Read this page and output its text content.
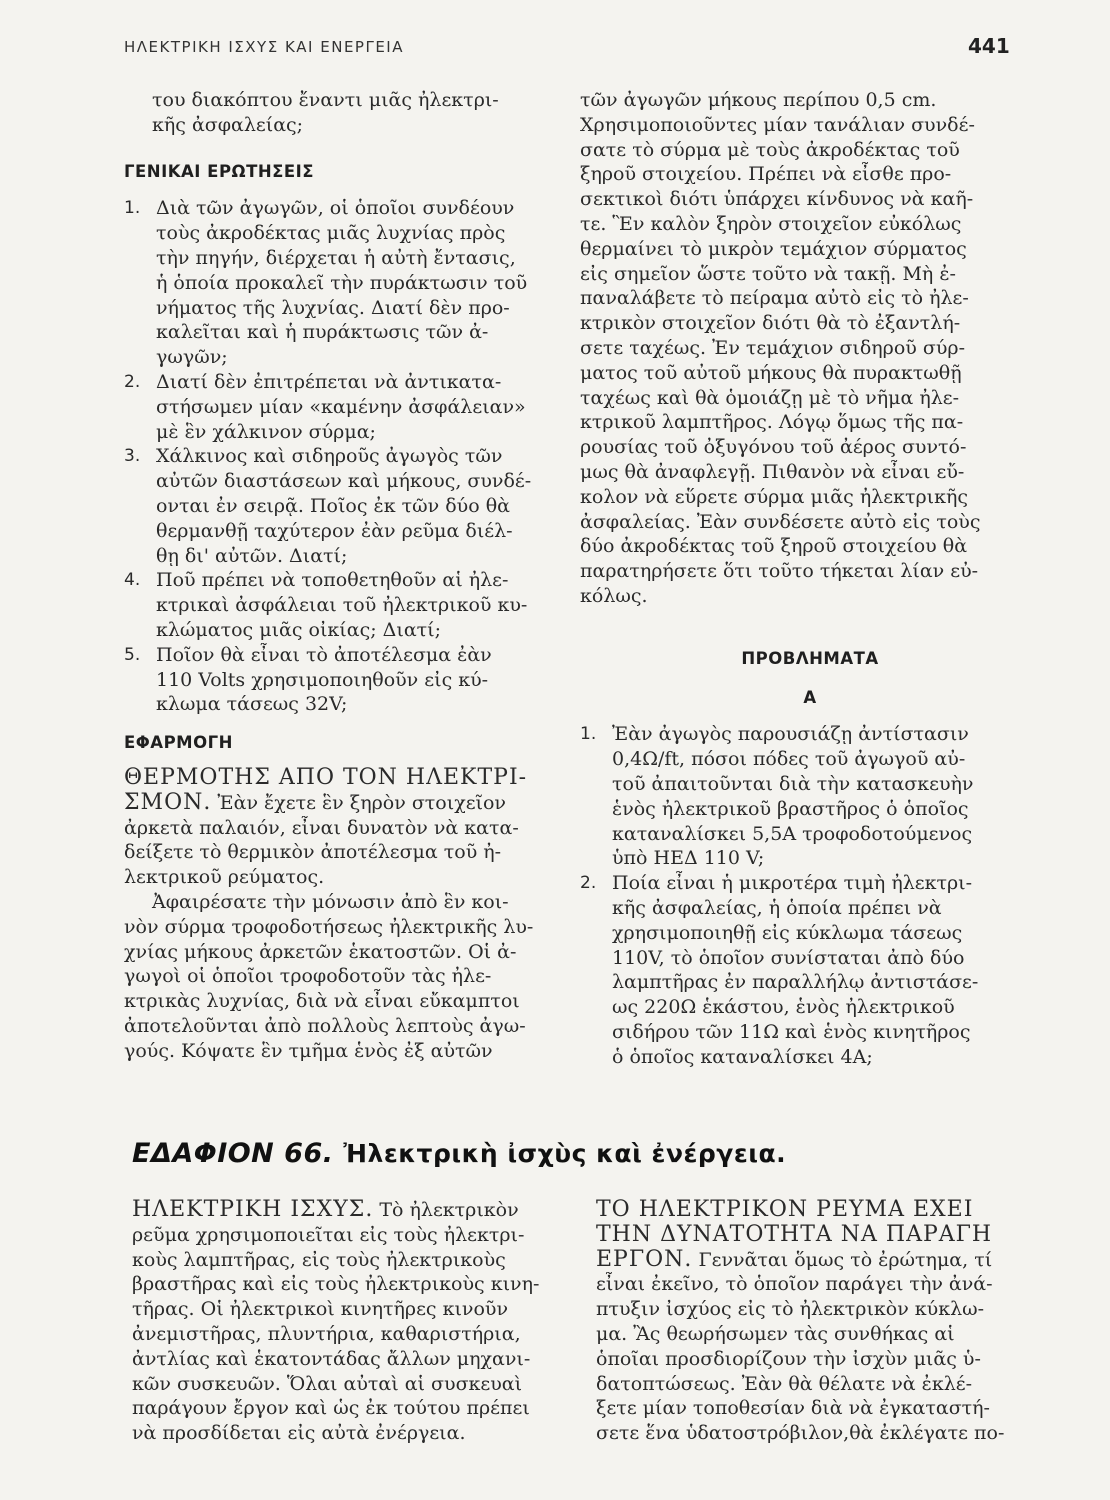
ΗΛΕΚΤΡΙΚΗ ΙΣΧΥΣ ΚΑΙ ΕΝΕΡΓΕΙΑ	441
του διακόπτου ἔναντι μιᾶς ἠλεκτρι-
κῆς ἀσφαλείας;
ΓΕΝΙΚΑΙ ΕΡΩΤΗΣΕΙΣ
1. Διὰ τῶν ἀγωγῶν, οἱ ὁποῖοι συνδέουν
τοὺς ἀκροδέκτας μιᾶς λυχνίας πρὸς
τὴν πηγήν, διέρχεται ἡ αὐτὴ ἔντασις,
ἡ ὁποία προκαλεῖ τὴν πυράκτωσιν τοῦ
νήματος τῆς λυχνίας. Διατί δὲν προ-
καλεῖται καὶ ἡ πυράκτωσις τῶν ἀ-
γωγῶν;
2. Διατί δὲν ἐπιτρέπεται νὰ ἀντικατα-
στήσωμεν μίαν «καμένην ἀσφάλειαν»
μὲ ἓν χάλκινον σύρμα;
3. Χάλκινος καὶ σιδηροῦς ἀγωγὸς τῶν
αὐτῶν διαστάσεων καὶ μήκους, συνδέ-
ονται ἐν σειρᾷ. Ποῖος ἐκ τῶν δύο θὰ
θερμανθῇ ταχύτερον ἐὰν ρεῦμα διέλ-
θῃ δι' αὐτῶν. Διατί;
4. Ποῦ πρέπει νὰ τοποθετηθοῦν αἱ ἠλε-
κτρικαὶ ἀσφάλειαι τοῦ ἠλεκτρικοῦ κυ-
κλώματος μιᾶς οἰκίας; Διατί;
5. Ποῖον θὰ εἶναι τὸ ἀποτέλεσμα ἐὰν
110 Volts χρησιμοποιηθοῦν εἰς κύ-
κλωμα τάσεως 32V;
ΕΦΑΡΜΟΓΗ
ΘΕΡΜΟΤΗΣ ΑΠΟ ΤΟΝ ΗΛΕΚΤΡΙ-
ΣΜΟΝ. Ἐὰν ἔχετε ἓν ξηρὸν στοιχεῖον
ἀρκετὰ παλαιόν, εἶναι δυνατὸν νὰ κατα-
δείξετε τὸ θερμικὸν ἀποτέλεσμα τοῦ ἠ-
λεκτρικοῦ ρεύματος.
Ἀφαιρέσατε τὴν μόνωσιν ἀπὸ ἓν κοι-
νὸν σύρμα τροφοδοτήσεως ἠλεκτρικῆς λυ-
χνίας μήκους ἀρκετῶν ἑκατοστῶν. Οἱ ἀ-
γωγοὶ οἱ ὁποῖοι τροφοδοτοῦν τὰς ἠλε-
κτρικὰς λυχνίας, διὰ νὰ εἶναι εὔκαμπτοι
ἀποτελοῦνται ἀπὸ πολλοὺς λεπτοὺς ἀγω-
γούς. Κόψατε ἓν τμῆμα ἑνὸς ἐξ αὐτῶν
τῶν ἀγωγῶν μήκους περίπου 0,5 cm.
Χρησιμοποιοῦντες μίαν τανάλιαν συνδέ-
σατε τὸ σύρμα μὲ τοὺς ἀκροδέκτας τοῦ
ξηροῦ στοιχείου. Πρέπει νὰ εἶσθε προ-
σεκτικοὶ διότι ὑπάρχει κίνδυνος νὰ καῆ-
τε. Ἓν καλὸν ξηρὸν στοιχεῖον εὐκόλως
θερμαίνει τὸ μικρὸν τεμάχιον σύρματος
εἰς σημεῖον ὥστε τοῦτο νὰ τακῇ. Μὴ ἐ-
παναλάβετε τὸ πείραμα αὐτὸ εἰς τὸ ἠλε-
κτρικὸν στοιχεῖον διότι θὰ τὸ ἐξαντλή-
σετε ταχέως. Ἐν τεμάχιον σιδηροῦ σύρ-
ματος τοῦ αὐτοῦ μήκους θὰ πυρακτωθῇ
ταχέως καὶ θὰ ὁμοιάζῃ μὲ τὸ νῆμα ἠλε-
κτρικοῦ λαμπτῆρος. Λόγῳ ὅμως τῆς πα-
ρουσίας τοῦ ὀξυγόνου τοῦ ἀέρος συντό-
μως θὰ ἀναφλεγῇ. Πιθανὸν νὰ εἶναι εὔ-
κολον νὰ εὕρετε σύρμα μιᾶς ἠλεκτρικῆς
ἀσφαλείας. Ἐὰν συνδέσετε αὐτὸ εἰς τοὺς
δύο ἀκροδέκτας τοῦ ξηροῦ στοιχείου θὰ
παρατηρήσετε ὅτι τοῦτο τήκεται λίαν εὐ-
κόλως.
ΠΡΟΒΛΗΜΑΤΑ
Α
1. Ἐὰν ἀγωγὸς παρουσιάζῃ ἀντίστασιν
0,4Ω/ft, πόσοι πόδες τοῦ ἀγωγοῦ αὐ-
τοῦ ἀπαιτοῦνται διὰ τὴν κατασκευὴν
ἑνὸς ἠλεκτρικοῦ βραστῆρος ὁ ὁποῖος
καταναλίσκει 5,5Α τροφοδοτούμενος
ὑπὸ ΗΕΔ 110 V;
2. Ποία εἶναι ἡ μικροτέρα τιμὴ ἠλεκτρι-
κῆς ἀσφαλείας, ἡ ὁποία πρέπει νὰ
χρησιμοποιηθῇ εἰς κύκλωμα τάσεως
110V, τὸ ὁποῖον συνίσταται ἀπὸ δύο
λαμπτῆρας ἐν παραλλήλῳ ἀντιστάσε-
ως 220Ω ἑκάστου, ἑνὸς ἠλεκτρικοῦ
σιδήρου τῶν 11Ω καὶ ἑνὸς κινητῆρος
ὁ ὁποῖος καταναλίσκει 4Α;
ΕΔΑΦΙΟΝ 66. Ἠλεκτρικὴ ἰσχὺς καὶ ἐνέργεια.
ΗΛΕΚΤΡΙΚΗ ΙΣΧΥΣ. Τὸ ἠλεκτρικὸν
ρεῦμα χρησιμοποιεῖται εἰς τοὺς ἠλεκτρι-
κοὺς λαμπτῆρας, εἰς τοὺς ἠλεκτρικοὺς
βραστῆρας καὶ εἰς τοὺς ἠλεκτρικοὺς κινη-
τῆρας. Οἱ ἠλεκτρικοὶ κινητῆρες κινοῦν
ἀνεμιστῆρας, πλυντήρια, καθαριστήρια,
ἀντλίας καὶ ἑκατοντάδας ἄλλων μηχανι-
κῶν συσκευῶν. Ὅλαι αὐταὶ αἱ συσκευαὶ
παράγουν ἔργον καὶ ὡς ἐκ τούτου πρέπει
νὰ προσδίδεται εἰς αὐτὰ ἐνέργεια.
ΤΟ ΗΛΕΚΤΡΙΚΟΝ ΡΕΥΜΑ ΕΧΕΙ
ΤΗΝ ΔΥΝΑΤΟΤΗΤΑ ΝΑ ΠΑΡΑΓΗ
ΕΡΓΟΝ. Γεννᾶται ὅμως τὸ ἐρώτημα, τί
εἶναι ἐκεῖνο, τὸ ὁποῖον παράγει τὴν ἀνά-
πτυξιν ἰσχύος εἰς τὸ ἠλεκτρικὸν κύκλω-
μα. Ἂς θεωρήσωμεν τὰς συνθήκας αἱ
ὁποῖαι προσδιορίζουν τὴν ἰσχὺν μιᾶς ὑ-
δατοπτώσεως. Ἐὰν θὰ θέλατε νὰ ἐκλέ-
ξετε μίαν τοποθεσίαν διὰ νὰ ἐγκαταστή-
σετε ἕνα ὑδατοστρόβιλον,θὰ ἐκλέγατε πο-
